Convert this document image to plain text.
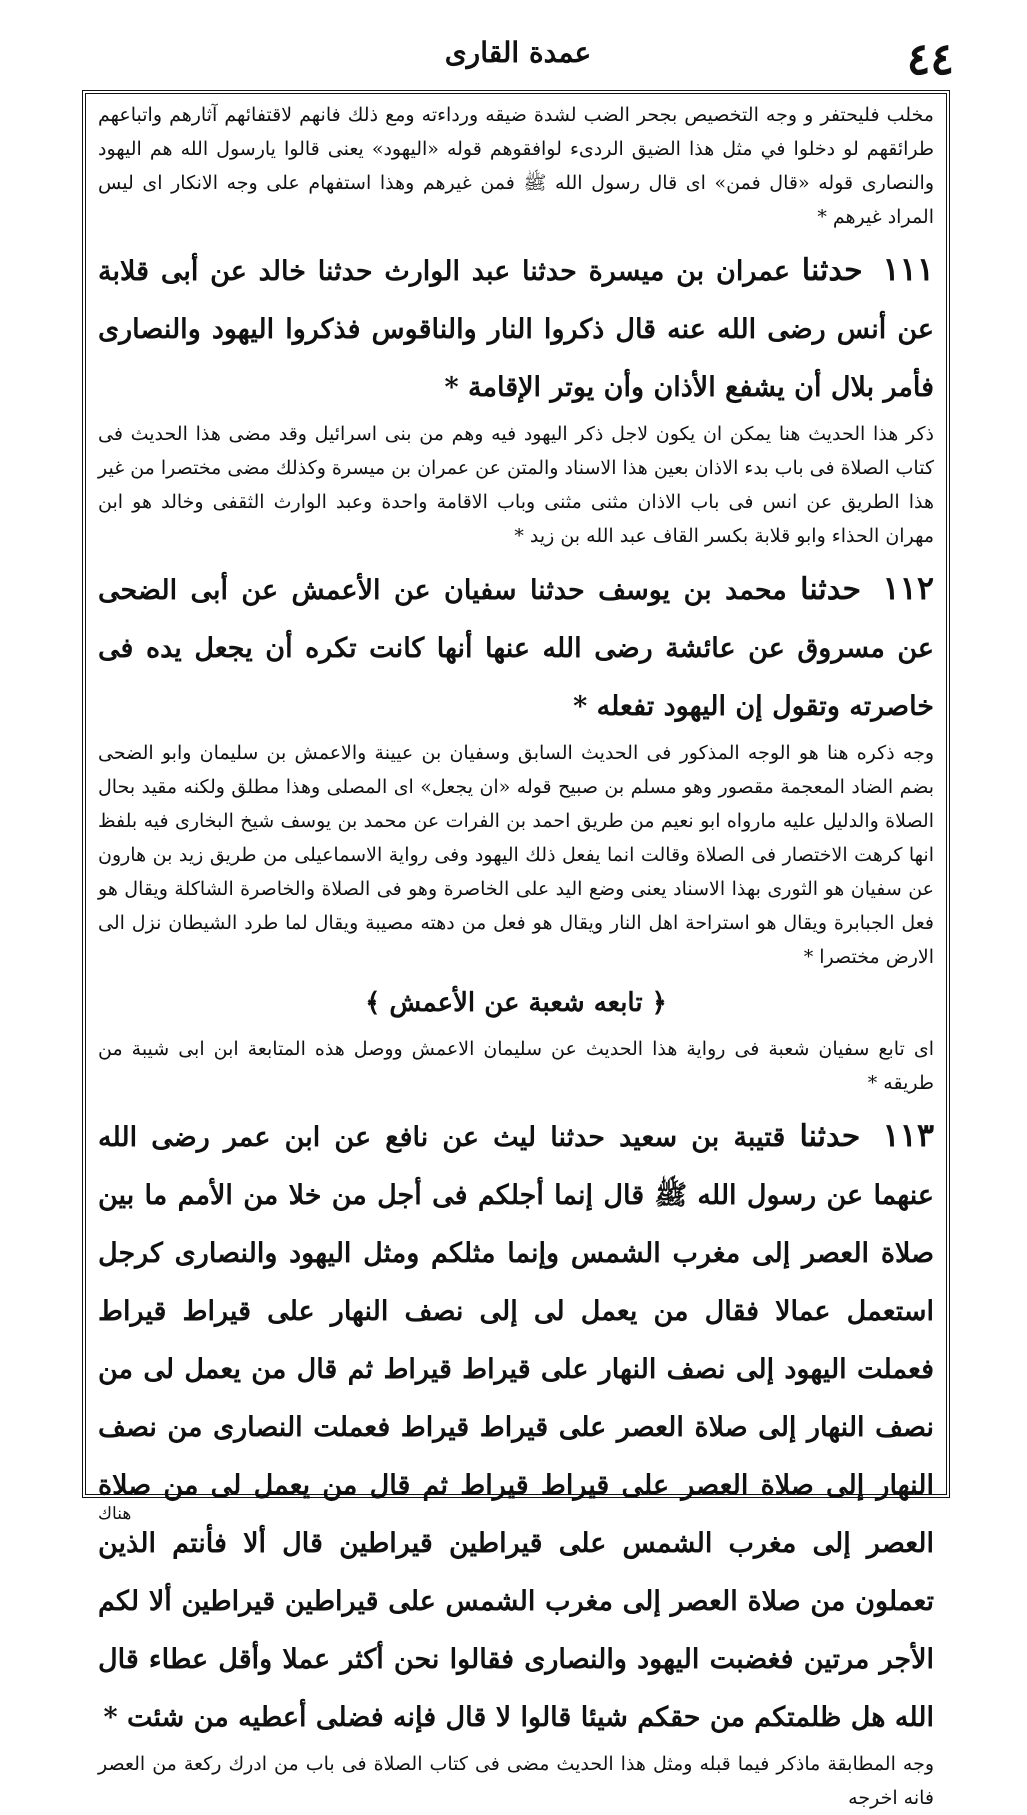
٤٤
عمدة القارى

مخلب فليحتفر و وجه التخصيص بجحر الضب لشدة ضيقه ورداءته ومع ذلك فانهم لاقتفائهم آثارهم واتباعهم طرائقهم لو دخلوا في مثل هذا الضيق الردىء لوافقوهم قوله «اليهود» يعنى قالوا يارسول الله هم اليهود والنصارى قوله «قال فمن» اى قال رسول الله ﷺ فمن غيرهم وهذا استفهام على وجه الانكار اى ليس المراد غيرهم *

١١١ حدثنا عمران بن ميسرة حدثنا عبد الوارث حدثنا خالد عن أبى قلابة عن أنس رضى الله عنه قال ذكروا النار والناقوس فذكروا اليهود والنصارى فأمر بلال أن يشفع الأذان وأن يوتر الإقامة *

ذكر هذا الحديث هنا يمكن ان يكون لاجل ذكر اليهود فيه وهم من بنى اسرائيل وقد مضى هذا الحديث فى كتاب الصلاة فى باب بدء الاذان بعين هذا الاسناد والمتن عن عمران بن ميسرة وكذلك مضى مختصرا من غير هذا الطريق عن انس فى باب الاذان مثنى مثنى وباب الاقامة واحدة وعبد الوارث الثقفى وخالد هو ابن مهران الحذاء وابو قلابة بكسر القاف عبد الله بن زيد *

١١٢ حدثنا محمد بن يوسف حدثنا سفيان عن الأعمش عن أبى الضحى عن مسروق عن عائشة رضى الله عنها أنها كانت تكره أن يجعل يده فى خاصرته وتقول إن اليهود تفعله *

وجه ذكره هنا هو الوجه المذكور فى الحديث السابق وسفيان بن عيينة والاعمش بن سليمان وابو الضحى بضم الضاد المعجمة مقصور وهو مسلم بن صبيح قوله «ان يجعل» اى المصلى وهذا مطلق ولكنه مقيد بحال الصلاة والدليل عليه مارواه ابو نعيم من طريق احمد بن الفرات عن محمد بن يوسف شيخ البخارى فيه بلفظ انها كرهت الاختصار فى الصلاة وقالت انما يفعل ذلك اليهود وفى رواية الاسماعيلى من طريق زيد بن هارون عن سفيان هو الثورى بهذا الاسناد يعنى وضع اليد على الخاصرة وهو فى الصلاة والخاصرة الشاكلة ويقال هو فعل الجبابرة ويقال هو استراحة اهل النار ويقال هو فعل من دهته مصيبة ويقال لما طرد الشيطان نزل الى الارض مختصرا *

﴿ تابعه شعبة عن الأعمش ﴾

اى تابع سفيان شعبة فى رواية هذا الحديث عن سليمان الاعمش ووصل هذه المتابعة ابن ابى شيبة من طريقه *

١١٣ حدثنا قتيبة بن سعيد حدثنا ليث عن نافع عن ابن عمر رضى الله عنهما عن رسول الله ﷺ قال إنما أجلكم فى أجل من خلا من الأمم ما بين صلاة العصر إلى مغرب الشمس وإنما مثلكم ومثل اليهود والنصارى كرجل استعمل عمالا فقال من يعمل لى إلى نصف النهار على قيراط قيراط فعملت اليهود إلى نصف النهار على قيراط قيراط ثم قال من يعمل لى من نصف النهار إلى صلاة العصر على قيراط قيراط فعملت النصارى من نصف النهار إلى صلاة العصر على قيراط قيراط ثم قال من يعمل لى من صلاة العصر إلى مغرب الشمس على قيراطين قيراطين قال ألا فأنتم الذين تعملون من صلاة العصر إلى مغرب الشمس على قيراطين قيراطين ألا لكم الأجر مرتين فغضبت اليهود والنصارى فقالوا نحن أكثر عملا وأقل عطاء قال الله هل ظلمتكم من حقكم شيئا قالوا لا قال فإنه فضلى أعطيه من شئت *

وجه المطابقة ماذكر فيما قبله ومثل هذا الحديث مضى فى كتاب الصلاة فى باب من ادرك ركعة من العصر فانه اخرجه

هناك
